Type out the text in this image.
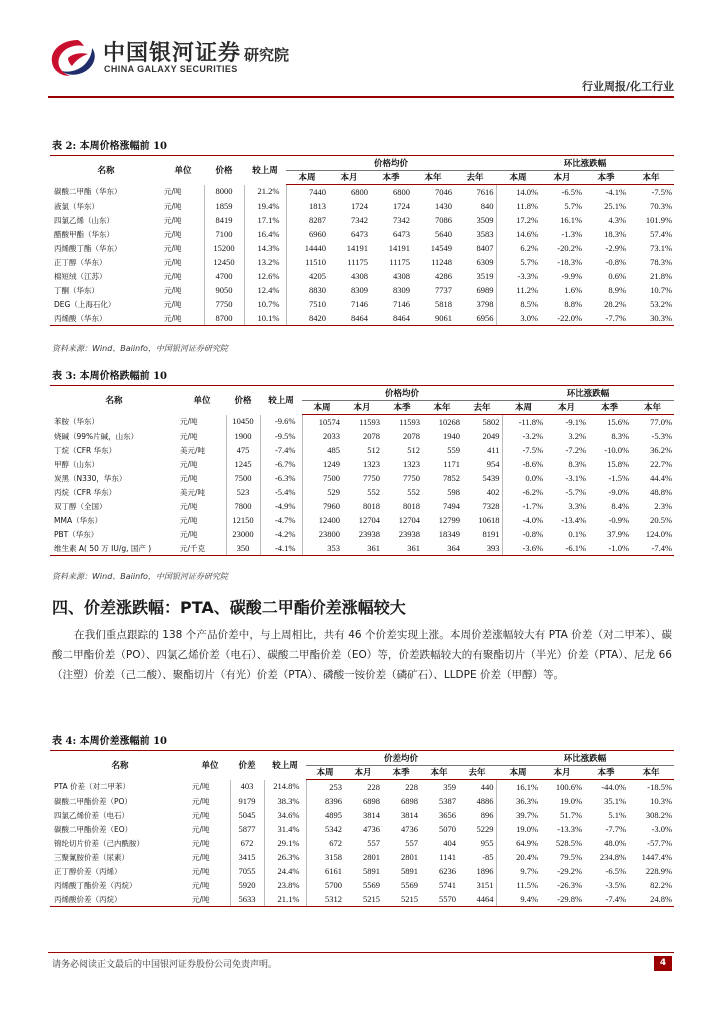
中国银河证券 研究院
CHINA GALAXY SECURITIES
行业周报/化工行业
表 2: 本周价格涨幅前 10
名称	单位	价格	较上周	价格均价					环比涨跌幅			
				本周	本月	本季	本年	去年	本周	本月	本季	本年
碳酸二甲酯（华东）	元/吨	8000	21.2%	7440	6800	6800	7046	7616	14.0%	-6.5%	-4.1%	-7.5%
液氯（华东）	元/吨	1859	19.4%	1813	1724	1724	1430	840	11.8%	5.7%	25.1%	70.3%
四氯乙烯（山东）	元/吨	8419	17.1%	8287	7342	7342	7086	3509	17.2%	16.1%	4.3%	101.9%
醋酸甲酯（华东）	元/吨	7100	16.4%	6960	6473	6473	5640	3583	14.6%	-1.3%	18.3%	57.4%
丙烯酸丁酯（华东）	元/吨	15200	14.3%	14440	14191	14191	14549	8407	6.2%	-20.2%	-2.9%	73.1%
正丁醇（华东）	元/吨	12450	13.2%	11510	11175	11175	11248	6309	5.7%	-18.3%	-0.8%	78.3%
棉短绒（江苏）	元/吨	4700	12.6%	4205	4308	4308	4286	3519	-3.3%	-9.9%	0.6%	21.8%
丁酮（华东）	元/吨	9050	12.4%	8830	8309	8309	7737	6989	11.2%	1.6%	8.9%	10.7%
DEG（上海石化）	元/吨	7750	10.7%	7510	7146	7146	5818	3798	8.5%	8.8%	28.2%	53.2%
丙烯酸（华东）	元/吨	8700	10.1%	8420	8464	8464	9061	6956	3.0%	-22.0%	-7.7%	30.3%
资料来源：Wind、Baiinfo，中国银河证券研究院
表 3: 本周价格跌幅前 10
名称	单位	价格	较上周	价格均价					环比涨跌幅			
				本周	本月	本季	本年	去年	本周	本月	本季	本年
苯胺（华东）	元/吨	10450	-9.6%	10574	11593	11593	10268	5802	-11.8%	-9.1%	15.6%	77.0%
烧碱（99%片碱，山东）	元/吨	1900	-9.5%	2033	2078	2078	1940	2049	-3.2%	3.2%	8.3%	-5.3%
丁烷（CFR 华东）	美元/吨	475	-7.4%	485	512	512	559	411	-7.5%	-7.2%	-10.0%	36.2%
甲醇（山东）	元/吨	1245	-6.7%	1249	1323	1323	1171	954	-8.6%	8.3%	15.8%	22.7%
炭黑（N330，华东）	元/吨	7500	-6.3%	7500	7750	7750	7852	5439	0.0%	-3.1%	-1.5%	44.4%
丙烷（CFR 华东）	美元/吨	523	-5.4%	529	552	552	598	402	-6.2%	-5.7%	-9.0%	48.8%
双丁醇（全国）	元/吨	7800	-4.9%	7960	8018	8018	7494	7328	-1.7%	3.3%	8.4%	2.3%
MMA（华东）	元/吨	12150	-4.7%	12400	12704	12704	12799	10618	-4.0%	-13.4%	-0.9%	20.5%
PBT（华东）	元/吨	23000	-4.2%	23800	23938	23938	18349	8191	-0.8%	0.1%	37.9%	124.0%
维生素 A( 50 万 IU/g, 国产 )	元/千克	350	-4.1%	353	361	361	364	393	-3.6%	-6.1%	-1.0%	-7.4%
资料来源：Wind、Baiinfo，中国银河证券研究院
四、价差涨跌幅：PTA、碳酸二甲酯价差涨幅较大
在我们重点跟踪的 138 个产品价差中，与上周相比，共有 46 个价差实现上涨。本周价差涨幅较大有 PTA 价差（对二甲苯）、碳酸二甲酯价差（PO）、四氯乙烯价差（电石）、碳酸二甲酯价差（EO）等，价差跌幅较大的有聚酯切片（半光）价差（PTA）、尼龙 66（注塑）价差（己二酸）、聚酯切片（有光）价差（PTA）、磷酸一铵价差（磷矿石）、LLDPE 价差（甲醇）等。
表 4: 本周价差涨幅前 10
名称	单位	价差	较上周	价差均价					环比涨跌幅			
				本周	本月	本季	本年	去年	本周	本月	本季	本年
PTA 价差（对二甲苯）	元/吨	403	214.8%	253	228	228	359	440	16.1%	100.6%	-44.0%	-18.5%
碳酸二甲酯价差（PO）	元/吨	9179	38.3%	8396	6898	6898	5387	4886	36.3%	19.0%	35.1%	10.3%
四氯乙烯价差（电石）	元/吨	5045	34.6%	4895	3814	3814	3656	896	39.7%	51.7%	5.1%	308.2%
碳酸二甲酯价差（EO）	元/吨	5877	31.4%	5342	4736	4736	5070	5229	19.0%	-13.3%	-7.7%	-3.0%
锦纶切片价差（己内酰胺）	元/吨	672	29.1%	672	557	557	404	955	64.9%	528.5%	48.0%	-57.7%
三聚氰胺价差（尿素）	元/吨	3415	26.3%	3158	2801	2801	1141	-85	20.4%	79.5%	234.8%	1447.4%
正丁醇价差（丙烯）	元/吨	7055	24.4%	6161	5891	5891	6236	1896	9.7%	-29.2%	-6.5%	228.9%
丙烯酸丁酯价差（丙烷）	元/吨	5920	23.8%	5700	5569	5569	5741	3151	11.5%	-26.3%	-3.5%	82.2%
丙烯酸价差（丙烷）	元/吨	5633	21.1%	5312	5215	5215	5570	4464	9.4%	-29.8%	-7.4%	24.8%
请务必阅读正文最后的中国银河证券股份公司免责声明。	4
